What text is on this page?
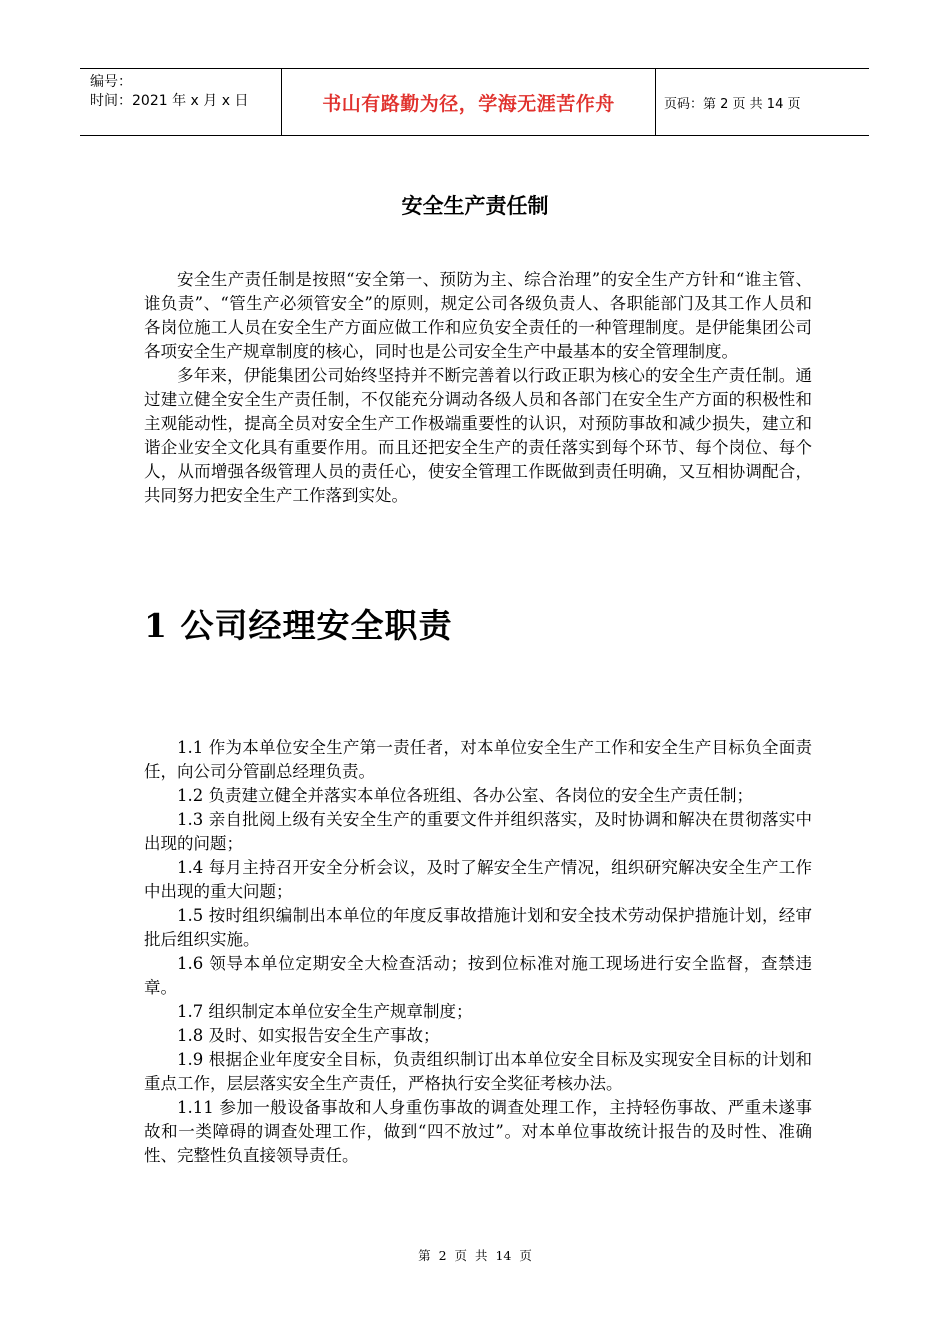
编号：
时间：2021 年 x 月 x 日	书山有路勤为径，学海无涯苦作舟	页码：第 2 页 共 14 页
安全生产责任制

安全生产责任制是按照“安全第一、预防为主、综合治理”的安全生产方针和“谁主管、谁负责”、“管生产必须管安全”的原则，规定公司各级负责人、各职能部门及其工作人员和各岗位施工人员在安全生产方面应做工作和应负安全责任的一种管理制度。是伊能集团公司各项安全生产规章制度的核心，同时也是公司安全生产中最基本的安全管理制度。

多年来，伊能集团公司始终坚持并不断完善着以行政正职为核心的安全生产责任制。通过建立健全安全生产责任制，不仅能充分调动各级人员和各部门在安全生产方面的积极性和主观能动性，提高全员对安全生产工作极端重要性的认识，对预防事故和减少损失，建立和谐企业安全文化具有重要作用。而且还把安全生产的责任落实到每个环节、每个岗位、每个人，从而增强各级管理人员的责任心，使安全管理工作既做到责任明确，又互相协调配合，共同努力把安全生产工作落到实处。

1 公司经理安全职责

1.1 作为本单位安全生产第一责任者，对本单位安全生产工作和安全生产目标负全面责任，向公司分管副总经理负责。

1.2 负责建立健全并落实本单位各班组、各办公室、各岗位的安全生产责任制；

1.3 亲自批阅上级有关安全生产的重要文件并组织落实，及时协调和解决在贯彻落实中出现的问题；

1.4 每月主持召开安全分析会议，及时了解安全生产情况，组织研究解决安全生产工作中出现的重大问题；

1.5 按时组织编制出本单位的年度反事故措施计划和安全技术劳动保护措施计划，经审批后组织实施。

1.6 领导本单位定期安全大检查活动；按到位标准对施工现场进行安全监督，查禁违章。

1.7 组织制定本单位安全生产规章制度；

1.8 及时、如实报告安全生产事故；

1.9 根据企业年度安全目标，负责组织制订出本单位安全目标及实现安全目标的计划和重点工作，层层落实安全生产责任，严格执行安全奖征考核办法。

1.11 参加一般设备事故和人身重伤事故的调查处理工作，主持轻伤事故、严重未遂事故和一类障碍的调查处理工作，做到“四不放过”。对本单位事故统计报告的及时性、准确性、完整性负直接领导责任。

第 2 页 共 14 页
